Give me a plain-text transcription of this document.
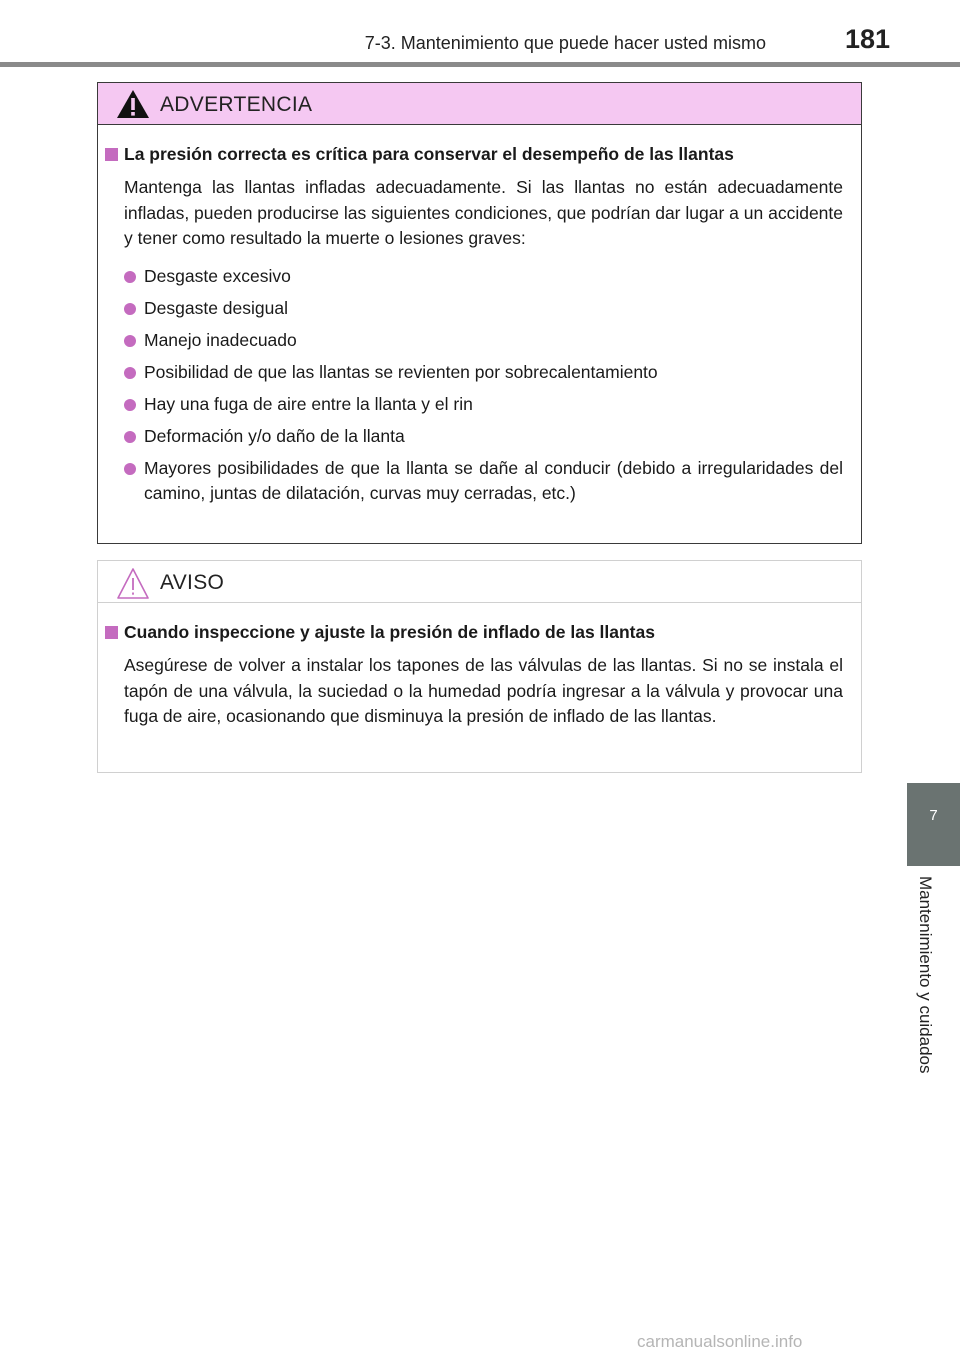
7-3. Mantenimiento que puede hacer usted mismo	181
7
Mantenimiento y cuidados
ADVERTENCIA
La presión correcta es crítica para conservar el desempeño de las llantas

Mantenga las llantas infladas adecuadamente. Si las llantas no están adecuadamente infladas, pueden producirse las siguientes condiciones, que podrían dar lugar a un accidente y tener como resultado la muerte o lesiones graves:

Desgaste excesivo
Desgaste desigual
Manejo inadecuado
Posibilidad de que las llantas se revienten por sobrecalentamiento
Hay una fuga de aire entre la llanta y el rin
Deformación y/o daño de la llanta
Mayores posibilidades de que la llanta se dañe al conducir (debido a irregularidades del camino, juntas de dilatación, curvas muy cerradas, etc.)
AVISO
Cuando inspeccione y ajuste la presión de inflado de las llantas

Asegúrese de volver a instalar los tapones de las válvulas de las llantas. Si no se instala el tapón de una válvula, la suciedad o la humedad podría ingresar a la válvula y provocar una fuga de aire, ocasionando que disminuya la presión de inflado de las llantas.

carmanualsonline.info
